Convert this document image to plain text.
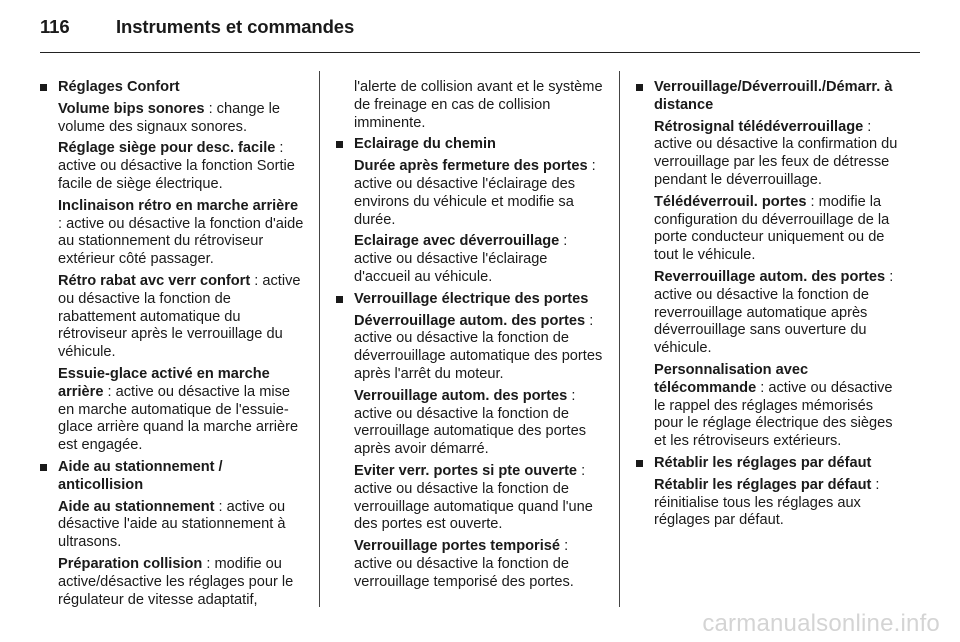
116	Instruments et commandes
Réglages Confort
Volume bips sonores : change le volume des signaux sonores.
Réglage siège pour desc. facile : active ou désactive la fonction Sortie facile de siège électrique.
Inclinaison rétro en marche arrière : active ou désactive la fonction d'aide au stationnement du rétroviseur extérieur côté passager.
Rétro rabat avc verr confort : active ou désactive la fonction de rabattement automatique du rétroviseur après le verrouillage du véhicule.
Essuie-glace activé en marche arrière : active ou désactive la mise en marche automatique de l'essuie-glace arrière quand la marche arrière est engagée.
Aide au stationnement / anticollision
Aide au stationnement : active ou désactive l'aide au stationnement à ultrasons.
Préparation collision : modifie ou active/désactive les réglages pour le régulateur de vitesse adaptatif,
l'alerte de collision avant et le système de freinage en cas de collision imminente.
Eclairage du chemin
Durée après fermeture des portes : active ou désactive l'éclairage des environs du véhicule et modifie sa durée.
Eclairage avec déverrouillage : active ou désactive l'éclairage d'accueil au véhicule.
Verrouillage électrique des portes
Déverrouillage autom. des portes : active ou désactive la fonction de déverrouillage automatique des portes après l'arrêt du moteur.
Verrouillage autom. des portes : active ou désactive la fonction de verrouillage automatique des portes après avoir démarré.
Eviter verr. portes si pte ouverte : active ou désactive la fonction de verrouillage automatique quand l'une des portes est ouverte.
Verrouillage portes temporisé : active ou désactive la fonction de verrouillage temporisé des portes.
Verrouillage/Déverrouill./Démarr. à distance
Rétrosignal télédéverrouillage : active ou désactive la confirmation du verrouillage par les feux de détresse pendant le déverrouillage.
Télédéverrouil. portes : modifie la configuration du déverrouillage de la porte conducteur uniquement ou de tout le véhicule.
Reverrouillage autom. des portes : active ou désactive la fonction de reverrouillage automatique après déverrouillage sans ouverture du véhicule.
Personnalisation avec télécommande : active ou désactive le rappel des réglages mémorisés pour le réglage électrique des sièges et les rétroviseurs extérieurs.
Rétablir les réglages par défaut
Rétablir les réglages par défaut : réinitialise tous les réglages aux réglages par défaut.
carmanualsonline.info
